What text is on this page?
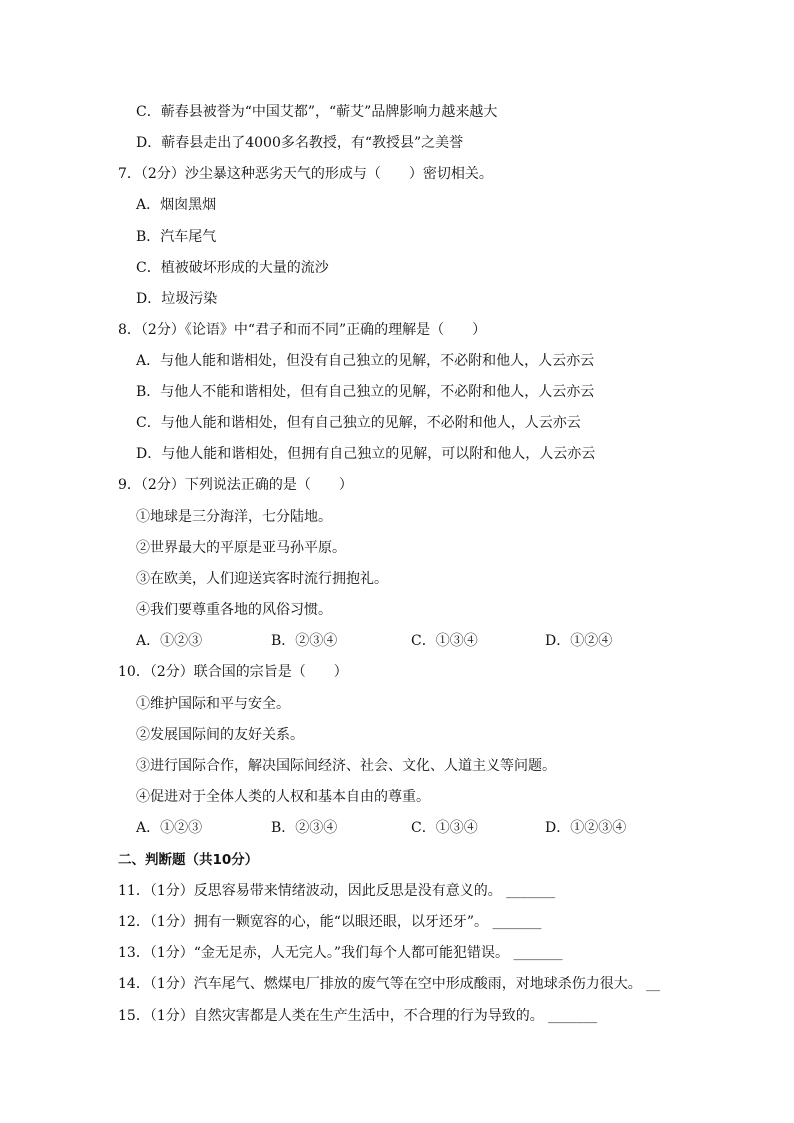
C．蕲春县被誉为“中国艾都”，“蕲艾”品牌影响力越来越大
D．蕲春县走出了4000多名教授，有“教授县”之美誉
7．（2分）沙尘暴这种恶劣天气的形成与（　　）密切相关。
A．烟囱黑烟
B．汽车尾气
C．植被破坏形成的大量的流沙
D．垃圾污染
8．（2分）《论语》中“君子和而不同”正确的理解是（　　）
A．与他人能和谐相处，但没有自己独立的见解，不必附和他人，人云亦云
B．与他人不能和谐相处，但有自己独立的见解，不必附和他人，人云亦云
C．与他人能和谐相处，但有自己独立的见解，不必附和他人，人云亦云
D．与他人能和谐相处，但拥有自己独立的见解，可以附和他人，人云亦云
9．（2分）下列说法正确的是（　　）
①地球是三分海洋，七分陆地。
②世界最大的平原是亚马孙平原。
③在欧美，人们迎送宾客时流行拥抱礼。
④我们要尊重各地的风俗习惯。
A．①②③	B．②③④	C．①③④	D．①②④
10．（2分）联合国的宗旨是（　　）
①维护国际和平与安全。
②发展国际间的友好关系。
③进行国际合作，解决国际间经济、社会、文化、人道主义等问题。
④促进对于全体人类的人权和基本自由的尊重。
A．①②③	B．②③④	C．①③④	D．①②③④
二、判断题（共10分）
11．（1分）反思容易带来情绪波动，因此反思是没有意义的。 _______
12．（1分）拥有一颗宽容的心，能“以眼还眼，以牙还牙”。 _______
13．（1分）“金无足赤，人无完人。”我们每个人都可能犯错误。 _______
14．（1分）汽车尾气、燃煤电厂排放的废气等在空中形成酸雨，对地球杀伤力很大。 __
15．（1分）自然灾害都是人类在生产生活中，不合理的行为导致的。 _______
